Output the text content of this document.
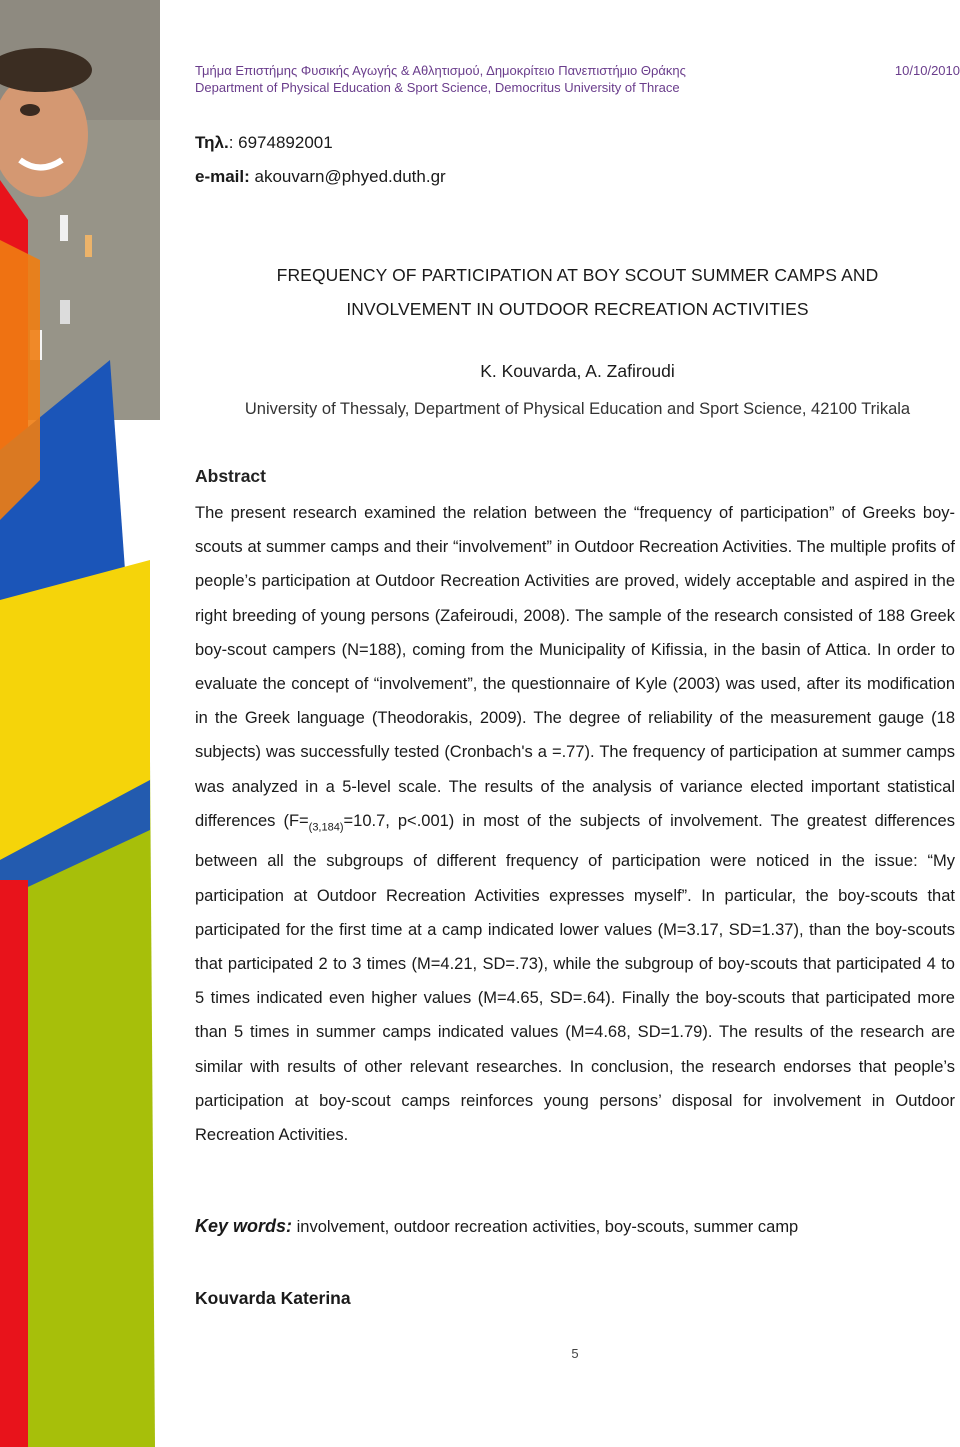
Τμήμα Επιστήμης Φυσικής Αγωγής & Αθλητισμού, Δημοκρίτειο Πανεπιστήμιο Θράκης	10/10/2010
Department of Physical Education & Sport Science, Democritus University of Thrace
Τηλ.: 6974892001
e-mail: akouvarn@phyed.duth.gr
FREQUENCY OF PARTICIPATION AT BOY SCOUT SUMMER CAMPS AND
INVOLVEMENT IN OUTDOOR RECREATION ACTIVITIES
K. Kouvarda, A. Zafiroudi
University of Thessaly, Department of Physical Education and Sport Science, 42100 Trikala
Abstract

The present research examined the relation between the “frequency of participation” of Greeks boy-scouts at summer camps and their “involvement” in Outdoor Recreation Activities. The multiple profits of people’s participation at Outdoor Recreation Activities are proved, widely acceptable and aspired in the right breeding of young persons (Zafeiroudi, 2008). The sample of the research consisted of 188 Greek boy-scout campers (N=188), coming from the Municipality of Kifissia, in the basin of Attica. In order to evaluate the concept of “involvement”, the questionnaire of Kyle (2003) was used, after its modification in the Greek language (Theodorakis, 2009). The degree of reliability of the measurement gauge (18 subjects) was successfully tested (Cronbach's a =.77). The frequency of participation at summer camps was analyzed in a 5-level scale. The results of the analysis of variance elected important statistical differences ($F=_{(3,184)}=10.7$, p<.001) in most of the subjects of involvement. The greatest differences between all the subgroups of different frequency of participation were noticed in the issue: “My participation at Outdoor Recreation Activities expresses myself”. In particular, the boy-scouts that participated for the first time at a camp indicated lower values (M=3.17, SD=1.37), than the boy-scouts that participated 2 to 3 times (M=4.21, SD=.73), while the subgroup of boy-scouts that participated 4 to 5 times indicated even higher values (M=4.65, SD=.64). Finally the boy-scouts that participated more than 5 times in summer camps indicated values (M=4.68, SD=1.79). The results of the research are similar with results of other relevant researches. In conclusion, the research endorses that people’s participation at boy-scout camps reinforces young persons’ disposal for involvement in Outdoor Recreation Activities.

Key words: involvement, outdoor recreation activities, boy-scouts, summer camp
Kouvarda Katerina
5
